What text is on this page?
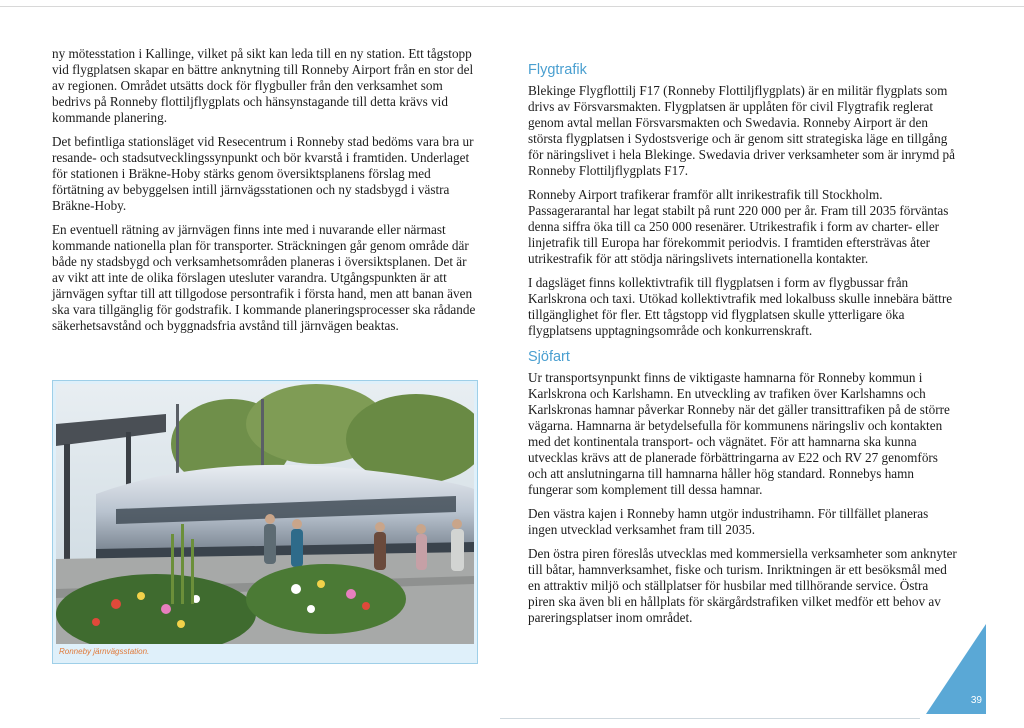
ny mötesstation i Kallinge, vilket på sikt kan leda till en ny station. Ett tågstopp vid flygplatsen skapar en bättre anknytning till Ronneby Airport från en stor del av regionen. Området utsätts dock för flygbuller från den verksamhet som bedrivs på Ronneby flottiljflygplats och hänsynstagande till detta krävs vid kommande planering.

Det befintliga stationsläget vid Resecentrum i Ronneby stad bedöms vara bra ur resande- och stadsutvecklingssynpunkt och bör kvarstå i framtiden. Underlaget för stationen i Bräkne-Hoby stärks genom översiktsplanens förslag med förtätning av bebyggelsen intill järnvägsstationen och ny stadsbygd i västra Bräkne-Hoby.

En eventuell rätning av järnvägen finns inte med i nuvarande eller närmast kommande nationella plan för transporter. Sträckningen går genom område där både ny stadsbygd och verksamhetsområden planeras i översiktsplanen. Det är av vikt att inte de olika förslagen utesluter varandra. Utgångspunkten är att järnvägen syftar till att tillgodose persontrafik i första hand, men att banan även ska vara tillgänglig för godstrafik. I kommande planeringsprocesser ska rådande säkerhetsavstånd och byggnadsfria avstånd till järnvägen beaktas.

Ronneby järnvägsstation.
Flygtrafik

Blekinge Flygflottilj F17 (Ronneby Flottiljflygplats) är en militär flygplats som drivs av Försvarsmakten. Flygplatsen är upplåten för civil Flygtrafik reglerat genom avtal mellan Försvarsmakten och Swedavia. Ronneby Airport är den största flygplatsen i Sydostsverige och är genom sitt strategiska läge en tillgång för näringslivet i hela Blekinge. Swedavia driver verksamheter som är inrymd på Ronneby Flottiljflygplats F17.

Ronneby Airport trafikerar framför allt inrikestrafik till Stockholm. Passagerarantal har legat stabilt på runt 220 000 per år. Fram till 2035 förväntas denna siffra öka till ca 250 000 resenärer. Utrikestrafik i form av charter- eller linjetrafik till Europa har förekommit periodvis. I framtiden eftersträvas åter utrikestrafik för att stödja näringslivets internationella kontakter.

I dagsläget finns kollektivtrafik till flygplatsen i form av flygbussar från Karlskrona och taxi. Utökad kollektivtrafik med lokalbuss skulle innebära bättre tillgänglighet för fler. Ett tågstopp vid flygplatsen skulle ytterligare öka flygplatsens upptagningsområde och konkurrenskraft.

Sjöfart

Ur transportsynpunkt finns de viktigaste hamnarna för Ronneby kommun i Karlskrona och Karlshamn. En utveckling av trafiken över Karlshamns och Karlskronas hamnar påverkar Ronneby när det gäller transittrafiken på de större vägarna. Hamnarna är betydelsefulla för kommunens näringsliv och kontakten med det kontinentala transport- och vägnätet. För att hamnarna ska kunna utvecklas krävs att de planerade förbättringarna av E22 och RV 27 genomförs och att anslutningarna till hamnarna håller hög standard. Ronnebys hamn fungerar som komplement till dessa hamnar.

Den västra kajen i Ronneby hamn utgör industrihamn. För tillfället planeras ingen utvecklad verksamhet fram till 2035.

Den östra piren föreslås utvecklas med kommersiella verksamheter som anknyter till båtar, hamnverksamhet, fiske och turism. Inriktningen är ett besöksmål med en attraktiv miljö och ställplatser för husbilar med tillhörande service. Östra piren ska även bli en hållplats för skärgårdstrafiken vilket medför ett behov av pareringsplatser inom området.

39
